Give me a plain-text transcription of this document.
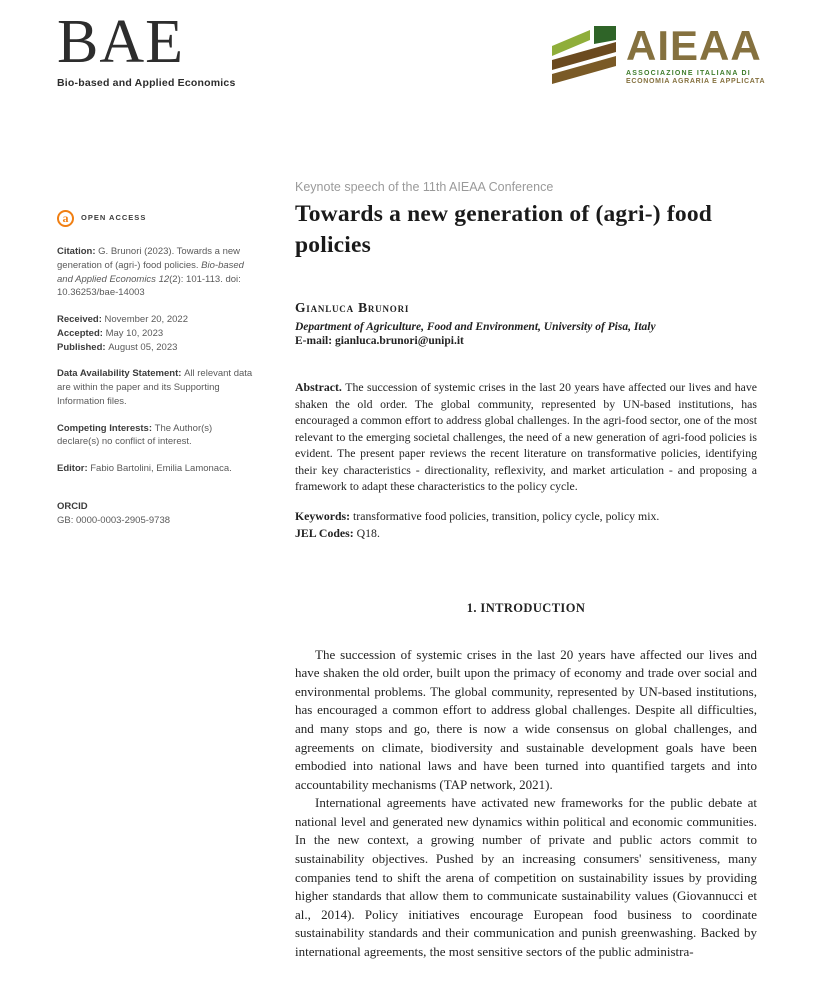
BAE
Bio-based and Applied Economics
AIEAA
ASSOCIAZIONE ITALIANA DI
ECONOMIA AGRARIA E APPLICATA
a	OPEN ACCESS

Citation: G. Brunori (2023). Towards a new generation of (agri-) food policies. Bio-based and Applied Economics 12(2): 101-113. doi: 10.36253/bae-14003

Received: November 20, 2022

Accepted: May 10, 2023

Published: August 05, 2023

Data Availability Statement: All relevant data are within the paper and its Supporting Information files.

Competing Interests: The Author(s) declare(s) no conflict of interest.

Editor: Fabio Bartolini, Emilia Lamonaca.

ORCID
GB: 0000-0003-2905-9738
Keynote speech of the 11th AIEAA Conference
Towards a new generation of (agri-) food policies
Gianluca Brunori
Department of Agriculture, Food and Environment, University of Pisa, Italy
E-mail: gianluca.brunori@unipi.it

Abstract. The succession of systemic crises in the last 20 years have affected our lives and have shaken the old order. The global community, represented by UN-based institutions, has encouraged a common effort to address global challenges. In the agri-food sector, one of the most relevant to the emerging societal challenges, the need of a new generation of agri-food policies is evident. The present paper reviews the recent literature on transformative policies, identifying their key characteristics - directionality, reflexivity, and market articulation - and proposing a framework to adapt these characteristics to the policy cycle.

Keywords: transformative food policies, transition, policy cycle, policy mix.

JEL Codes: Q18.

1. INTRODUCTION

The succession of systemic crises in the last 20 years have affected our lives and have shaken the old order, built upon the primacy of economy and trade over social and environmental problems. The global community, represented by UN-based institutions, has encouraged a common effort to address global challenges. Despite all difficulties, and many stops and go, there is now a wide consensus on global challenges, and agreements on climate, biodiversity and sustainable development goals have been embodied into national laws and have been turned into quantified targets and into accountability mechanisms (TAP network, 2021).

International agreements have activated new frameworks for the public debate at national level and generated new dynamics within political and economic communities. In the new context, a growing number of private and public actors commit to sustainability objectives. Pushed by an increasing consumers' sensitiveness, many companies tend to shift the arena of competition on sustainability issues by providing higher standards that allow them to communicate sustainability values (Giovannucci et al., 2014). Policy initiatives encourage European food business to coordinate sustainability standards and their communication and punish greenwashing. Backed by international agreements, the most sensitive sectors of the public administra-
